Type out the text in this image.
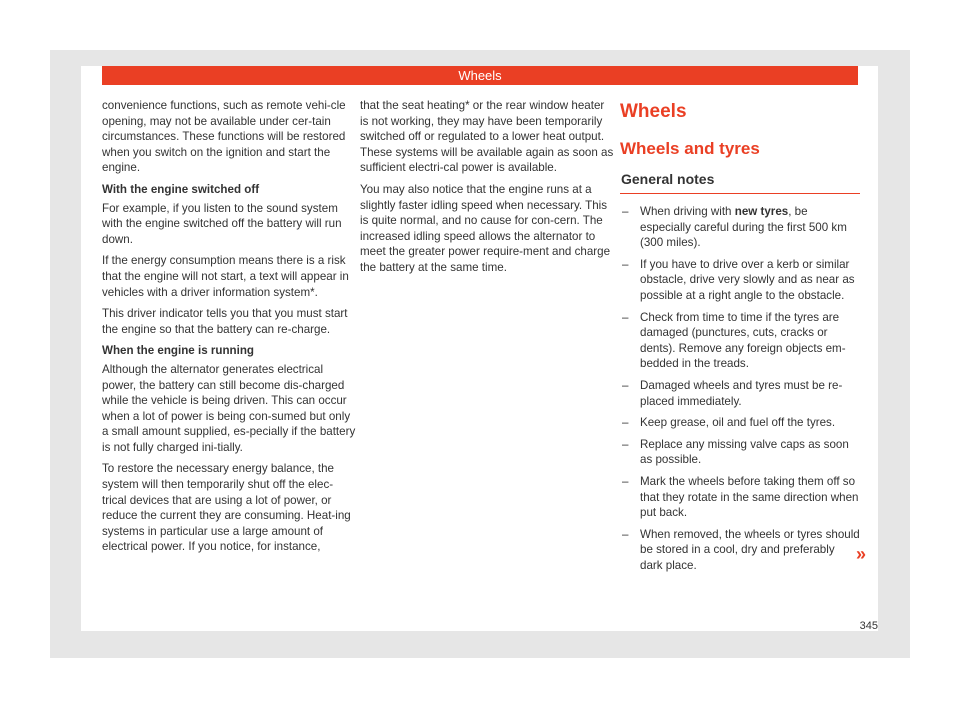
Wheels

convenience functions, such as remote vehi-cle opening, may not be available under cer-tain circumstances. These functions will be restored when you switch on the ignition and start the engine.

With the engine switched off

For example, if you listen to the sound system with the engine switched off the battery will run down.

If the energy consumption means there is a risk that the engine will not start, a text will appear in vehicles with a driver information system*.

This driver indicator tells you that you must start the engine so that the battery can re-charge.

When the engine is running

Although the alternator generates electrical power, the battery can still become dis-charged while the vehicle is being driven. This can occur when a lot of power is being con-sumed but only a small amount supplied, es-pecially if the battery is not fully charged ini-tially.

To restore the necessary energy balance, the system will then temporarily shut off the elec-trical devices that are using a lot of power, or reduce the current they are consuming. Heat-ing systems in particular use a large amount of electrical power. If you notice, for instance,

that the seat heating* or the rear window heater is not working, they may have been temporarily switched off or regulated to a lower heat output. These systems will be available again as soon as sufficient electri-cal power is available.

You may also notice that the engine runs at a slightly faster idling speed when necessary. This is quite normal, and no cause for con-cern. The increased idling speed allows the alternator to meet the greater power require-ment and charge the battery at the same time.

Wheels
Wheels and tyres
General notes
– When driving with new tyres, be especially careful during the first 500 km (300 miles).
– If you have to drive over a kerb or similar obstacle, drive very slowly and as near as possible at a right angle to the obstacle.
– Check from time to time if the tyres are damaged (punctures, cuts, cracks or dents). Remove any foreign objects em-bedded in the treads.
– Damaged wheels and tyres must be re-placed immediately.
– Keep grease, oil and fuel off the tyres.
– Replace any missing valve caps as soon as possible.
– Mark the wheels before taking them off so that they rotate in the same direction when put back.
– When removed, the wheels or tyres should be stored in a cool, dry and preferably dark place.
»
345
